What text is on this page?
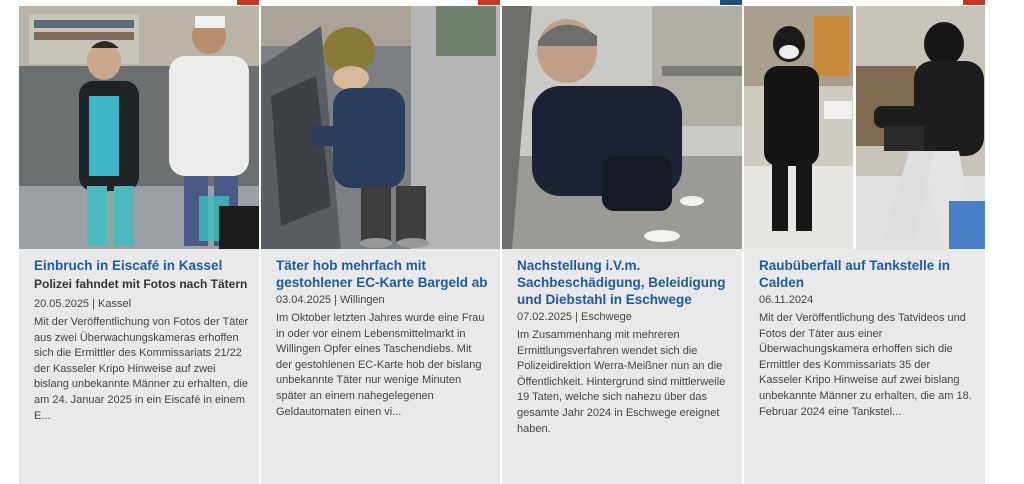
Einbruch in Eiscafé in Kassel
Polizei fahndet mit Fotos nach Tätern
20.05.2025 | Kassel

Mit der Veröffentlichung von Fotos der Täter aus zwei Überwachungskameras erhoffen sich die Ermittler des Kommissariats 21/22 der Kasseler Kripo Hinweise auf zwei bislang unbekannte Männer zu erhalten, die am 24. Januar 2025 in ein Eiscafé in einem E...

Täter hob mehrfach mit gestohlener EC-Karte Bargeld ab
03.04.2025 | Willingen

Im Oktober letzten Jahres wurde eine Frau in oder vor einem Lebensmittelmarkt in Willingen Opfer eines Taschendiebs. Mit der gestohlenen EC-Karte hob der bislang unbekannte Täter nur wenige Minuten später an einem nahegelegenen Geldautomaten einen vi...

Nachstellung i.V.m. Sachbeschädigung, Beleidigung und Diebstahl in Eschwege
07.02.2025 | Eschwege

Im Zusammenhang mit mehreren Ermittlungsverfahren wendet sich die Polizeidirektion Werra-Meißner nun an die Öffentlichkeit. Hintergrund sind mittlerweile 19 Taten, welche sich nahezu über das gesamte Jahr 2024 in Eschwege ereignet haben.

Raubüberfall auf Tankstelle in Calden
06.11.2024

Mit der Veröffentlichung des Tatvideos und Fotos der Täter aus einer Überwachungskamera erhoffen sich die Ermittler des Kommissariats 35 der Kasseler Kripo Hinweise auf zwei bislang unbekannte Männer zu erhalten, die am 18. Februar 2024 eine Tankstel...
